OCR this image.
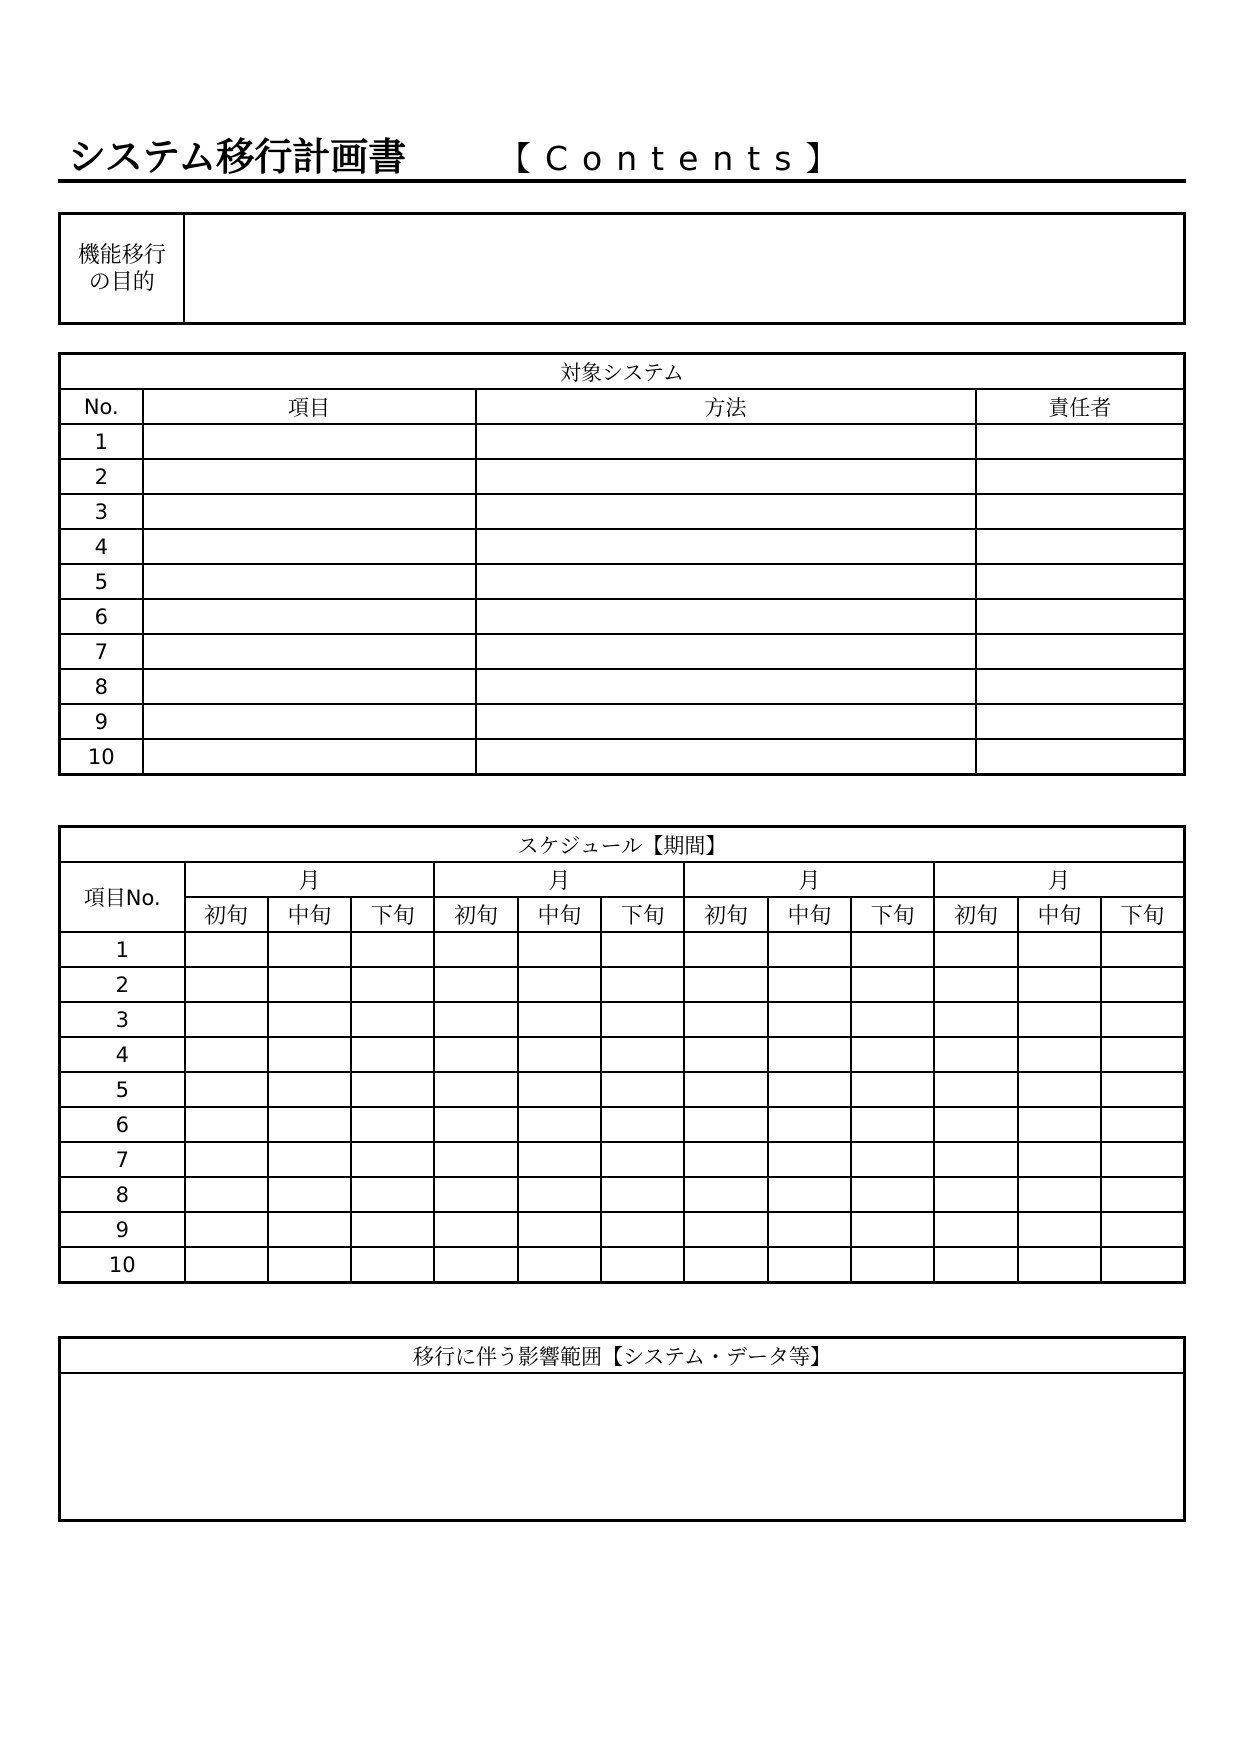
システム移行計画書	【Contents】
機能移行の目的	
対象システム			
No.	項目	方法	責任者
1			
2			
3			
4			
5			
6			
7			
8			
9			
10			
スケジュール【期間】												
項目No.	月			月			月			月		
	初旬	中旬	下旬	初旬	中旬	下旬	初旬	中旬	下旬	初旬	中旬	下旬
1												
2												
3												
4												
5												
6												
7												
8												
9												
10												
移行に伴う影響範囲【システム・データ等】
